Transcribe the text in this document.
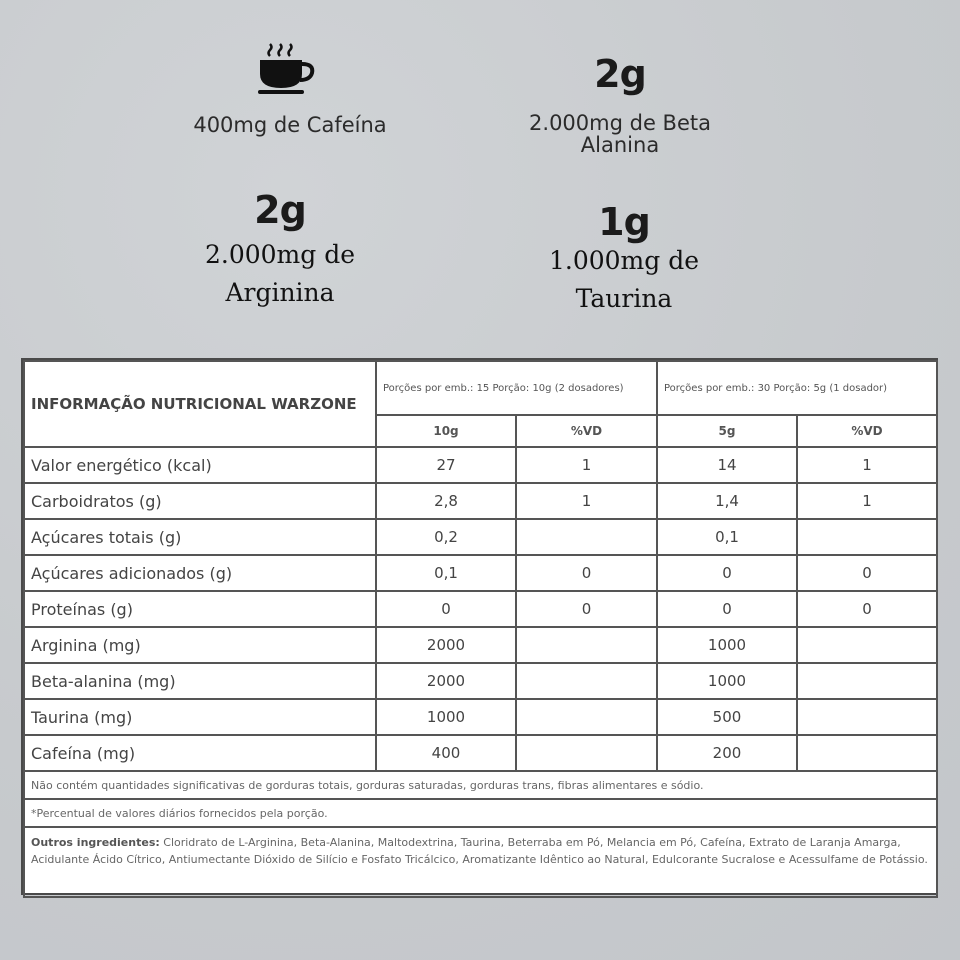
400mg de Cafeína
2g
2.000mg de Beta
Alanina
2g
2.000mg de
Arginina
1g
1.000mg de
Taurina
INFORMAÇÃO NUTRICIONAL WARZONE	Porções por emb.: 15 Porção: 10g (2 dosadores)		Porções por emb.: 30 Porção: 5g (1 dosador)	
	10g	%VD	5g	%VD
Valor energético (kcal)	27	1	14	1
Carboidratos (g)	2,8	1	1,4	1
Açúcares totais (g)	0,2		0,1	
Açúcares adicionados (g)	0,1	0	0	0
Proteínas (g)	0	0	0	0
Arginina (mg)	2000		1000	
Beta-alanina (mg)	2000		1000	
Taurina (mg)	1000		500	
Cafeína (mg)	400		200	
Não contém quantidades significativas de gorduras totais, gorduras saturadas, gorduras trans, fibras alimentares e sódio.				
*Percentual de valores diários fornecidos pela porção.				
Outros ingredientes: Cloridrato de L-Arginina, Beta-Alanina, Maltodextrina, Taurina, Beterraba em Pó, Melancia em Pó, Cafeína, Extrato de Laranja Amarga, Acidulante Ácido Cítrico, Antiumectante Dióxido de Silício e Fosfato Tricálcico, Aromatizante Idêntico ao Natural, Edulcorante Sucralose e Acessulfame de Potássio.				
